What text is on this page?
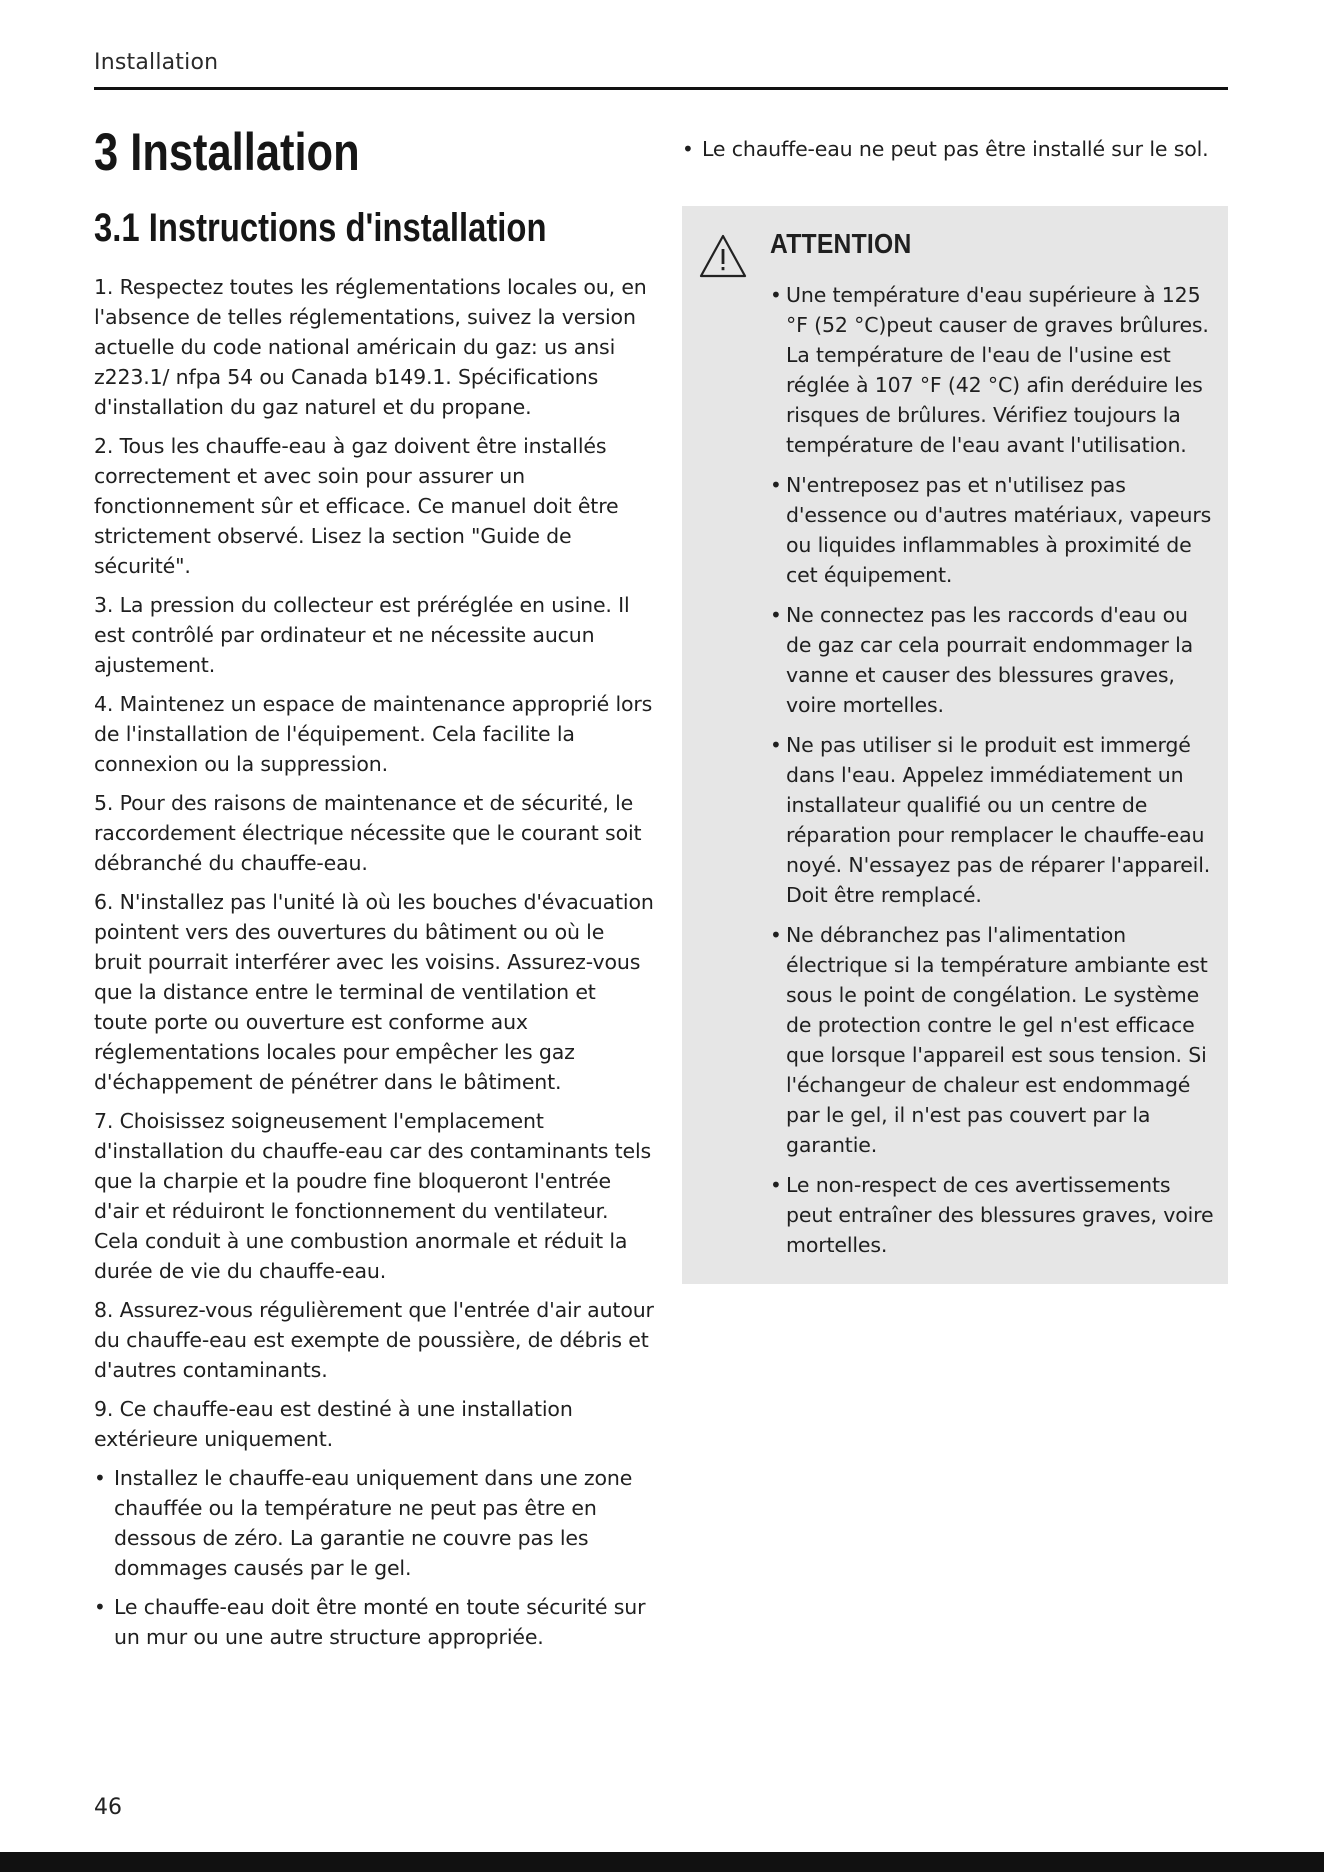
Installation
3 Installation
3.1 Instructions d'installation
1. Respectez toutes les réglementations locales ou, en l'absence de telles réglementations, suivez la version actuelle du code national américain du gaz: us ansi z223.1/ nfpa 54 ou Canada b149.1. Spécifications d'installation du gaz naturel et du propane.
2. Tous les chauffe-eau à gaz doivent être installés correctement et avec soin pour assurer un fonctionnement sûr et efficace. Ce manuel doit être strictement observé. Lisez la section "Guide de sécurité".
3. La pression du collecteur est préréglée en usine. Il est contrôlé par ordinateur et ne nécessite aucun ajustement.
4. Maintenez un espace de maintenance approprié lors de l'installation de l'équipement. Cela facilite la connexion ou la suppression.
5. Pour des raisons de maintenance et de sécurité, le raccordement électrique nécessite que le courant soit débranché du chauffe-eau.
6. N'installez pas l'unité là où les bouches d'évacuation pointent vers des ouvertures du bâtiment ou où le bruit pourrait interférer avec les voisins. Assurez-vous que la distance entre le terminal de ventilation et toute porte ou ouverture est conforme aux réglementations locales pour empêcher les gaz d'échappement de pénétrer dans le bâtiment.
7. Choisissez soigneusement l'emplacement d'installation du chauffe-eau car des contaminants tels que la charpie et la poudre fine bloqueront l'entrée d'air et réduiront le fonctionnement du ventilateur. Cela conduit à une combustion anormale et réduit la durée de vie du chauffe-eau.
8. Assurez-vous régulièrement que l'entrée d'air autour du chauffe-eau est exempte de poussière, de débris et d'autres contaminants.
9. Ce chauffe-eau est destiné à une installation extérieure uniquement.
• Installez le chauffe-eau uniquement dans une zone chauffée ou la température ne peut pas être en dessous de zéro. La garantie ne couvre pas les dommages causés par le gel.
• Le chauffe-eau doit être monté en toute sécurité sur un mur ou une autre structure appropriée.
• Le chauffe-eau ne peut pas être installé sur le sol.
ATTENTION
• Une température d'eau supérieure à 125 °F (52 °C)peut causer de graves brûlures. La température de l'eau de l'usine est réglée à 107 °F (42 °C) afin deréduire les risques de brûlures. Vérifiez toujours la température de l'eau avant l'utilisation.
• N'entreposez pas et n'utilisez pas d'essence ou d'autres matériaux, vapeurs ou liquides inflammables à proximité de cet équipement.
• Ne connectez pas les raccords d'eau ou de gaz car cela pourrait endommager la vanne et causer des blessures graves, voire mortelles.
• Ne pas utiliser si le produit est immergé dans l'eau. Appelez immédiatement un installateur qualifié ou un centre de réparation pour remplacer le chauffe-eau noyé. N'essayez pas de réparer l'appareil. Doit être remplacé.
• Ne débranchez pas l'alimentation électrique si la température ambiante est sous le point de congélation. Le système de protection contre le gel n'est efficace que lorsque l'appareil est sous tension. Si l'échangeur de chaleur est endommagé par le gel, il n'est pas couvert par la garantie.
• Le non-respect de ces avertissements peut entraîner des blessures graves, voire mortelles.
46
